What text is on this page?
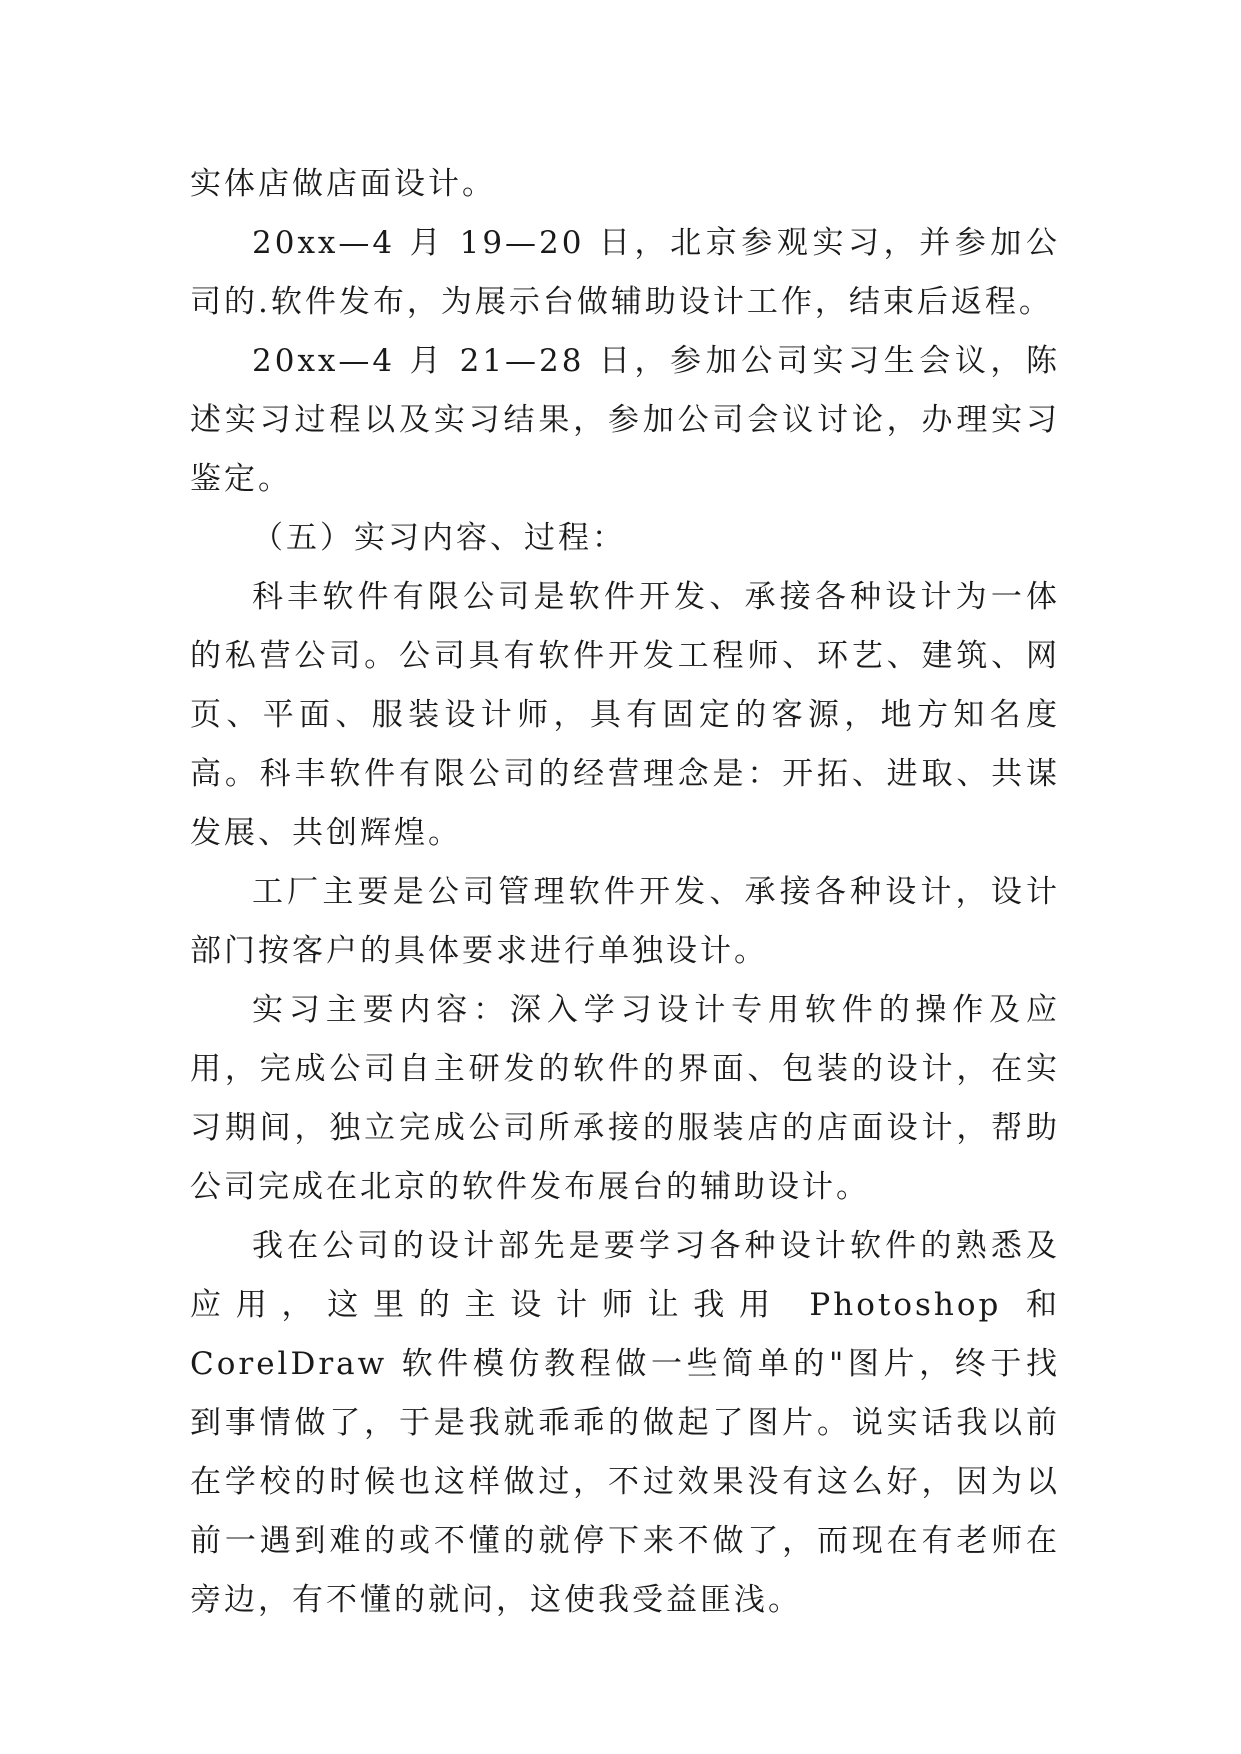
实体店做店面设计。

20xx—4 月 19—20 日，北京参观实习，并参加公司的.软件发布，为展示台做辅助设计工作，结束后返程。

20xx—4 月 21—28 日，参加公司实习生会议，陈述实习过程以及实习结果，参加公司会议讨论，办理实习鉴定。

（五）实习内容、过程：

科丰软件有限公司是软件开发、承接各种设计为一体的私营公司。公司具有软件开发工程师、环艺、建筑、网页、平面、服装设计师，具有固定的客源，地方知名度高。科丰软件有限公司的经营理念是：开拓、进取、共谋发展、共创辉煌。

工厂主要是公司管理软件开发、承接各种设计，设计部门按客户的具体要求进行单独设计。

实习主要内容：深入学习设计专用软件的操作及应用，完成公司自主研发的软件的界面、包装的设计，在实习期间，独立完成公司所承接的服装店的店面设计，帮助公司完成在北京的软件发布展台的辅助设计。

我在公司的设计部先是要学习各种设计软件的熟悉及应用，这里的主设计师让我用 Photoshop 和 CorelDraw 软件模仿教程做一些简单的"图片，终于找到事情做了，于是我就乖乖的做起了图片。说实话我以前在学校的时候也这样做过，不过效果没有这么好，因为以前一遇到难的或不懂的就停下来不做了，而现在有老师在旁边，有不懂的就问，这使我受益匪浅。
